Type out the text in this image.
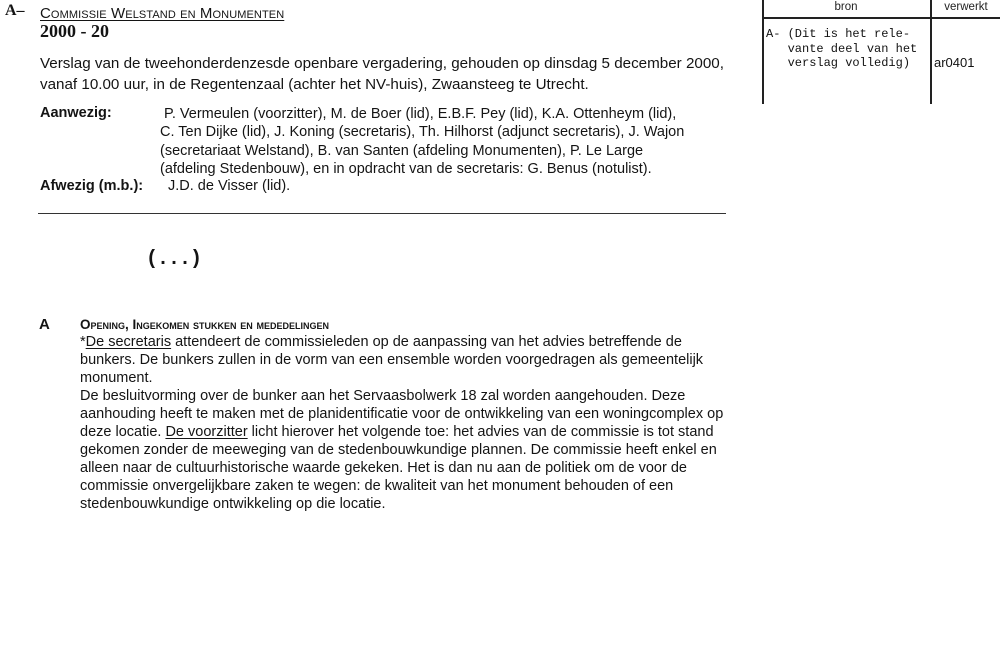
A– Commissie Welstand en Monumenten
2000 - 20
Verslag van de tweehonderdenzesde openbare vergadering, gehouden op dinsdag 5 december 2000,
vanaf 10.00 uur, in de Regentenzaal (achter het NV-huis), Zwaansteeg te Utrecht.
Aanwezig:	P. Vermeulen (voorzitter), M. de Boer (lid), E.B.F. Pey (lid), K.A. Ottenheym (lid),
C. Ten Dijke (lid), J. Koning (secretaris), Th. Hilhorst (adjunct secretaris), J. Wajon
(secretariaat Welstand), B. van Santen (afdeling Monumenten), P. Le Large
(afdeling Stedenbouw), en in opdracht van de secretaris: G. Benus (notulist).
Afwezig (m.b.): J.D. de Visser (lid).
(...)
A Opening, Ingekomen stukken en mededelingen
*De secretaris attendeert de commissieleden op de aanpassing van het advies betreffende de
bunkers. De bunkers zullen in de vorm van een ensemble worden voorgedragen als gemeentelijk
monument.
De besluitvorming over de bunker aan het Servaasbolwerk 18 zal worden aangehouden. Deze
aanhouding heeft te maken met de planidentificatie voor de ontwikkeling van een woningcomplex op
deze locatie. De voorzitter licht hierover het volgende toe: het advies van de commissie is tot stand
gekomen zonder de meeweging van de stedenbouwkundige plannen. De commissie heeft enkel en
alleen naar de cultuurhistorische waarde gekeken. Het is dan nu aan de politiek om de voor de
commissie onvergelijkbare zaken te wegen: de kwaliteit van het monument behouden of een
stedenbouwkundige ontwikkeling op die locatie.
bron	verwerkt
A- (Dit is het rele-
vante deel van het
verslag volledig)	ar0401
